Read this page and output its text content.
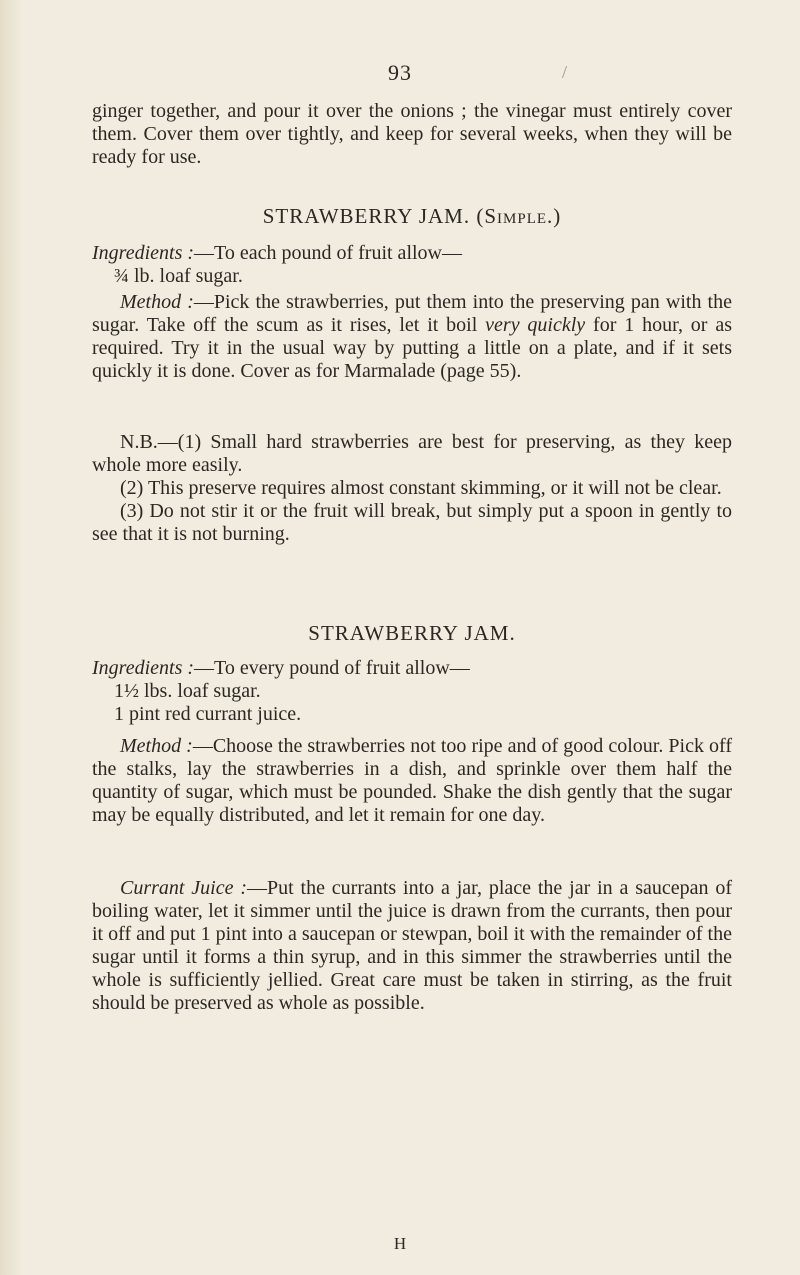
93	/

ginger together, and pour it over the onions ; the vinegar must entirely cover them. Cover them over tightly, and keep for several weeks, when they will be ready for use.

STRAWBERRY JAM. (Simple.)

Ingredients :—To each pound of fruit allow—

¾ lb. loaf sugar.

Method :—Pick the strawberries, put them into the preserving pan with the sugar. Take off the scum as it rises, let it boil very quickly for 1 hour, or as required. Try it in the usual way by putting a little on a plate, and if it sets quickly it is done. Cover as for Marmalade (page 55).

N.B.—(1) Small hard strawberries are best for preserving, as they keep whole more easily.

(2) This preserve requires almost constant skimming, or it will not be clear.

(3) Do not stir it or the fruit will break, but simply put a spoon in gently to see that it is not burning.

STRAWBERRY JAM.

Ingredients :—To every pound of fruit allow—

1½ lbs. loaf sugar.
1 pint red currant juice.

Method :—Choose the strawberries not too ripe and of good colour. Pick off the stalks, lay the strawberries in a dish, and sprinkle over them half the quantity of sugar, which must be pounded. Shake the dish gently that the sugar may be equally distributed, and let it remain for one day.

Currant Juice :—Put the currants into a jar, place the jar in a saucepan of boiling water, let it simmer until the juice is drawn from the currants, then pour it off and put 1 pint into a saucepan or stewpan, boil it with the remainder of the sugar until it forms a thin syrup, and in this simmer the strawberries until the whole is sufficiently jellied. Great care must be taken in stirring, as the fruit should be preserved as whole as possible.

H
